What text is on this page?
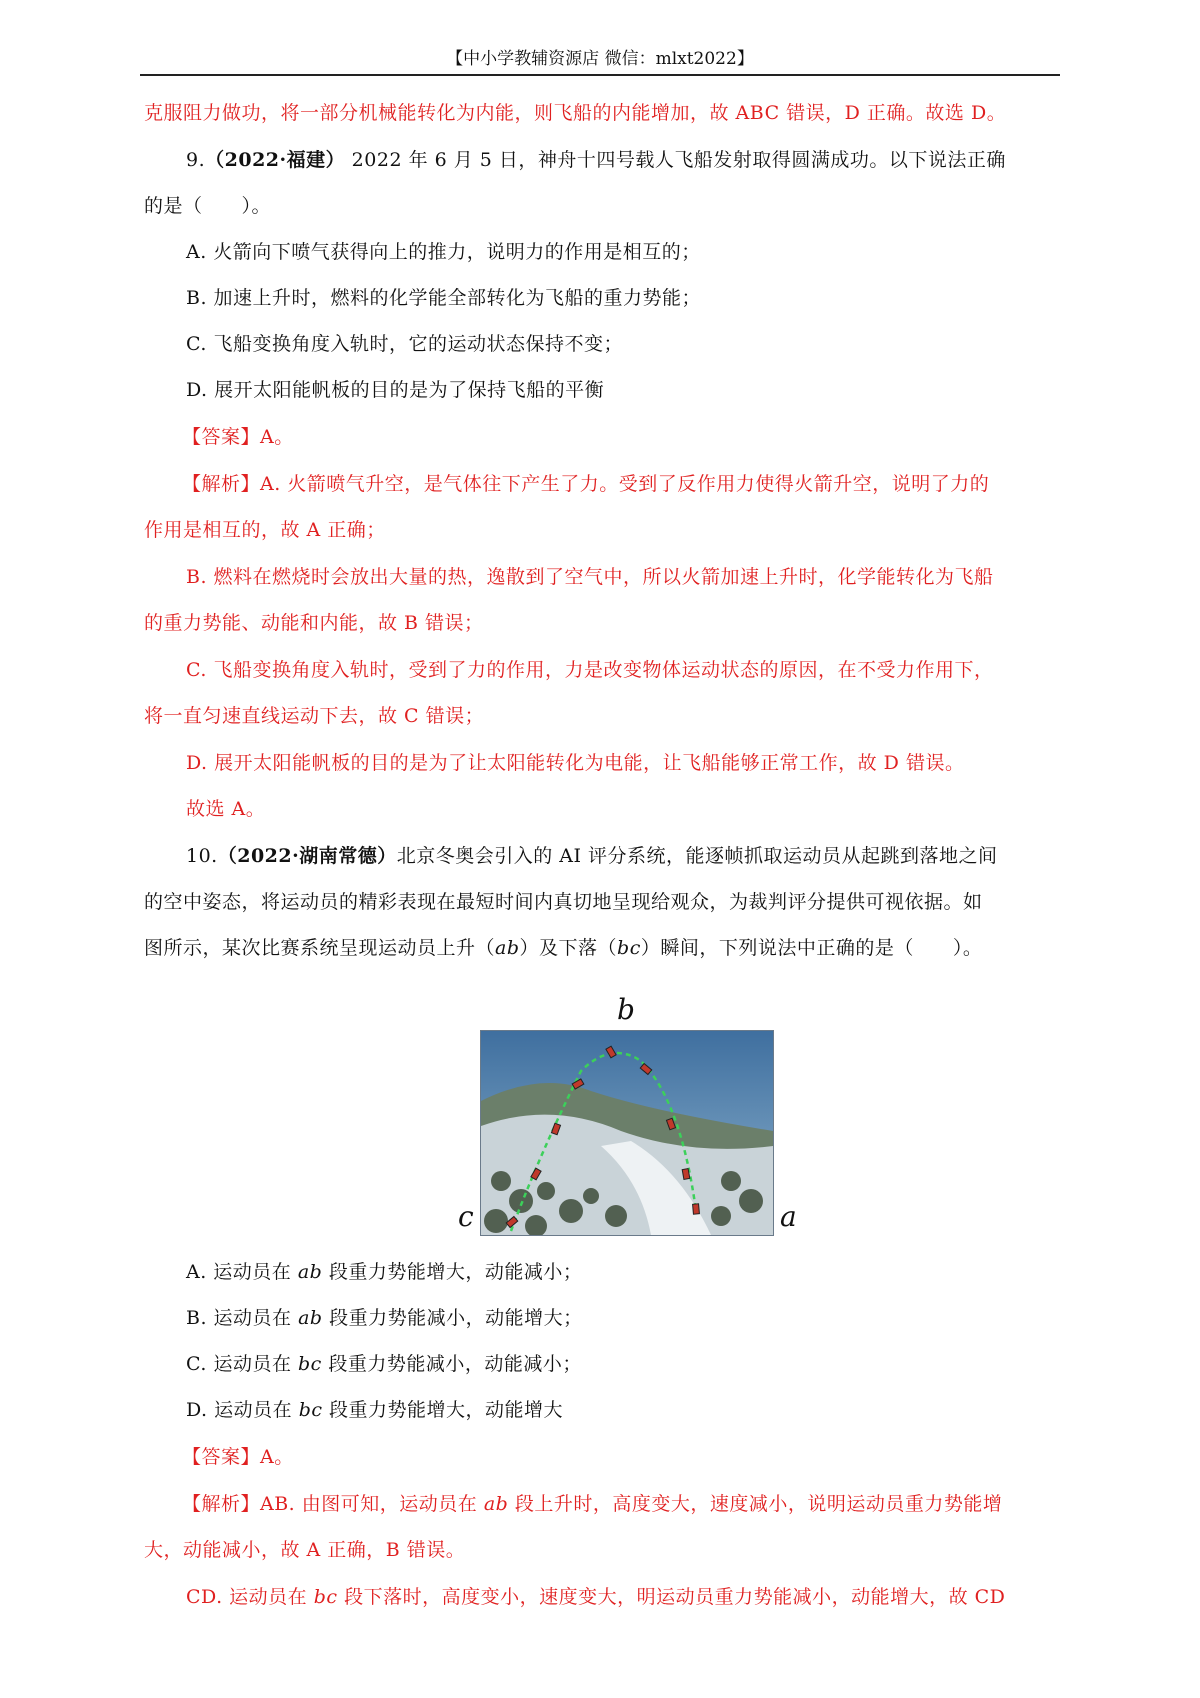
【中小学教辅资源店 微信：mlxt2022】
克服阻力做功，将一部分机械能转化为内能，则飞船的内能增加，故 ABC 错误，D 正确。故选 D。
9.（2022·福建） 2022 年 6 月 5 日，神舟十四号载人飞船发射取得圆满成功。以下说法正确
的是（　　）。
A. 火箭向下喷气获得向上的推力，说明力的作用是相互的；
B. 加速上升时，燃料的化学能全部转化为飞船的重力势能；
C. 飞船变换角度入轨时，它的运动状态保持不变；
D. 展开太阳能帆板的目的是为了保持飞船的平衡
【答案】A。
【解析】A. 火箭喷气升空，是气体往下产生了力。受到了反作用力使得火箭升空，说明了力的
作用是相互的，故 A 正确；
B. 燃料在燃烧时会放出大量的热，逸散到了空气中，所以火箭加速上升时，化学能转化为飞船
的重力势能、动能和内能，故 B 错误；
C. 飞船变换角度入轨时，受到了力的作用，力是改变物体运动状态的原因，在不受力作用下，
将一直匀速直线运动下去，故 C 错误；
D. 展开太阳能帆板的目的是为了让太阳能转化为电能，让飞船能够正常工作，故 D 错误。
故选 A。
10.（2022·湖南常德）北京冬奥会引入的 AI 评分系统，能逐帧抓取运动员从起跳到落地之间
的空中姿态，将运动员的精彩表现在最短时间内真切地呈现给观众，为裁判评分提供可视依据。如
图所示，某次比赛系统呈现运动员上升（ab）及下落（bc）瞬间，下列说法中正确的是（　　）。
b
c	a
A. 运动员在 ab 段重力势能增大，动能减小；
B. 运动员在 ab 段重力势能减小，动能增大；
C. 运动员在 bc 段重力势能减小，动能减小；
D. 运动员在 bc 段重力势能增大，动能增大
【答案】A。
【解析】AB. 由图可知，运动员在 ab 段上升时，高度变大，速度减小，说明运动员重力势能增
大，动能减小，故 A 正确，B 错误。
CD. 运动员在 bc 段下落时，高度变小，速度变大，明运动员重力势能减小，动能增大，故 CD
